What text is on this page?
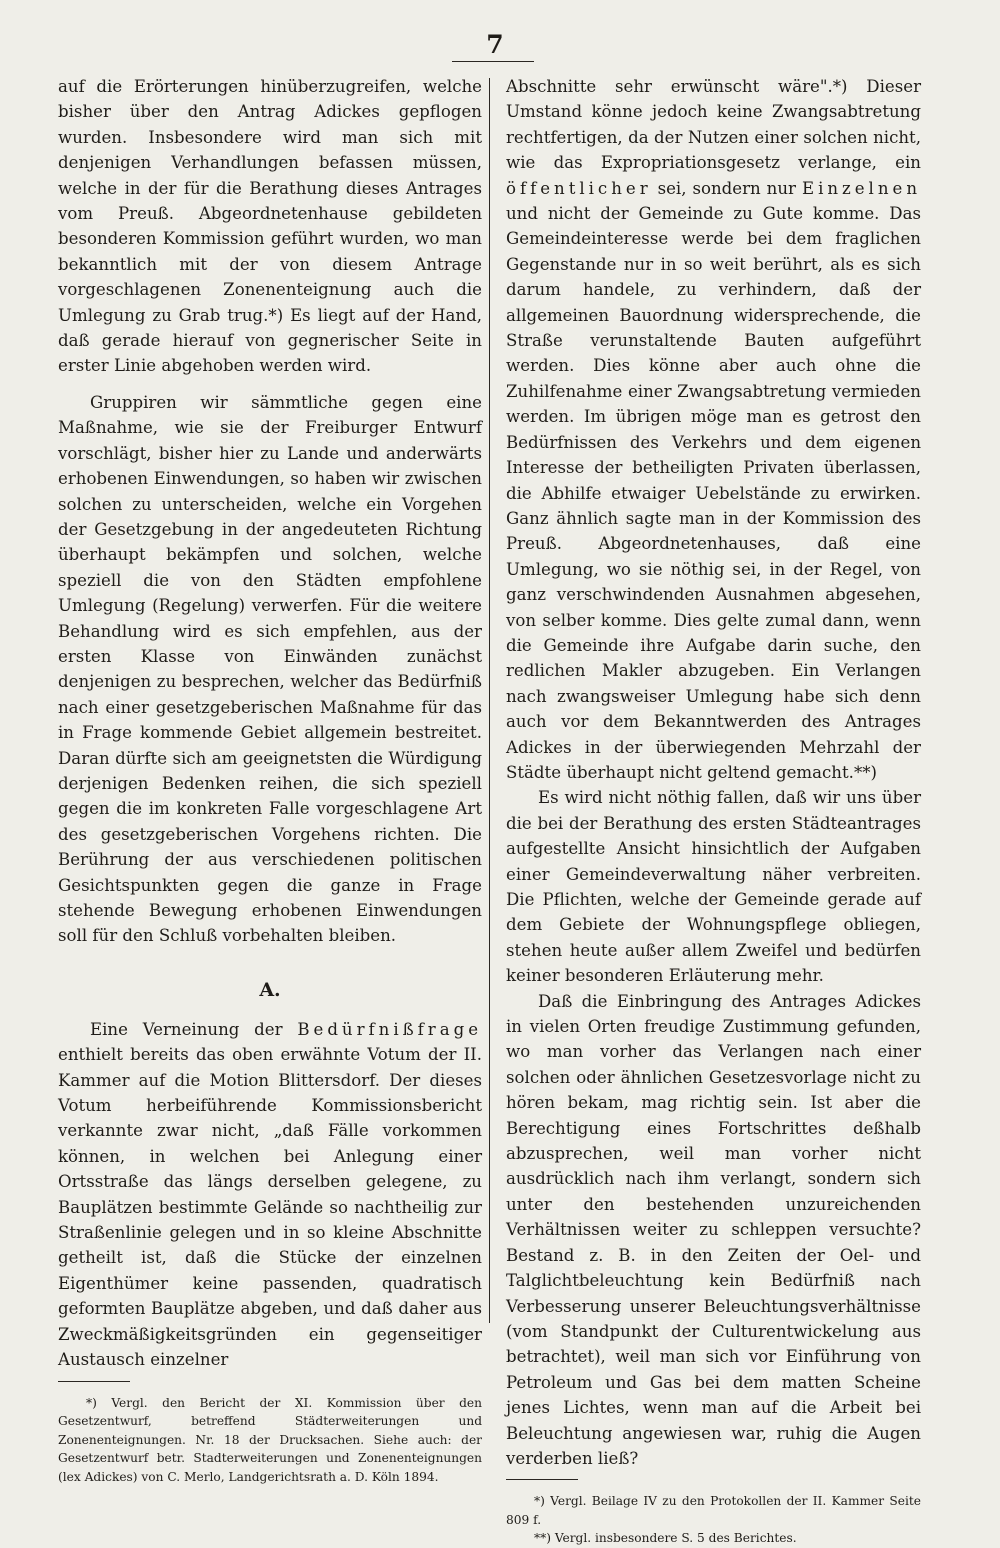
7

auf die Erörterungen hinüberzugreifen, welche bisher über den Antrag Adickes gepflogen wurden. Insbesondere wird man sich mit denjenigen Verhandlungen befassen müssen, welche in der für die Berathung dieses Antrages vom Preuß. Abgeordnetenhause gebildeten besonderen Kommission geführt wurden, wo man bekanntlich mit der von diesem Antrage vorgeschlagenen Zonenenteignung auch die Umlegung zu Grab trug.*) Es liegt auf der Hand, daß gerade hierauf von gegnerischer Seite in erster Linie abgehoben werden wird.

Gruppiren wir sämmtliche gegen eine Maßnahme, wie sie der Freiburger Entwurf vorschlägt, bisher hier zu Lande und anderwärts erhobenen Einwendungen, so haben wir zwischen solchen zu unterscheiden, welche ein Vorgehen der Gesetzgebung in der angedeuteten Richtung überhaupt bekämpfen und solchen, welche speziell die von den Städten empfohlene Umlegung (Regelung) verwerfen. Für die weitere Behandlung wird es sich empfehlen, aus der ersten Klasse von Einwänden zunächst denjenigen zu besprechen, welcher das Bedürfniß nach einer gesetzgeberischen Maßnahme für das in Frage kommende Gebiet allgemein bestreitet. Daran dürfte sich am geeignetsten die Würdigung derjenigen Bedenken reihen, die sich speziell gegen die im konkreten Falle vorgeschlagene Art des gesetzgeberischen Vorgehens richten. Die Berührung der aus verschiedenen politischen Gesichtspunkten gegen die ganze in Frage stehende Bewegung erhobenen Einwendungen soll für den Schluß vorbehalten bleiben.

A.

Eine Verneinung der Bedürfnißfrage enthielt bereits das oben erwähnte Votum der II. Kammer auf die Motion Blittersdorf. Der dieses Votum herbeiführende Kommissionsbericht verkannte zwar nicht, „daß Fälle vorkommen können, in welchen bei Anlegung einer Ortsstraße das längs derselben gelegene, zu Bauplätzen bestimmte Gelände so nachtheilig zur Straßenlinie gelegen und in so kleine Abschnitte getheilt ist, daß die Stücke der einzelnen Eigenthümer keine passenden, quadratisch geformten Bauplätze abgeben, und daß daher aus Zweckmäßigkeitsgründen ein gegenseitiger Austausch einzelner

*) Vergl. den Bericht der XI. Kommission über den Gesetzentwurf, betreffend Städterweiterungen und Zonenenteignungen. Nr. 18 der Drucksachen. Siehe auch: der Gesetzentwurf betr. Stadterweiterungen und Zonenenteignungen (lex Adickes) von C. Merlo, Landgerichtsrath a. D. Köln 1894.

Abschnitte sehr erwünscht wäre".*) Dieser Umstand könne jedoch keine Zwangsabtretung rechtfertigen, da der Nutzen einer solchen nicht, wie das Expropriationsgesetz verlange, ein öffentlicher sei, sondern nur Einzelnen und nicht der Gemeinde zu Gute komme. Das Gemeindeinteresse werde bei dem fraglichen Gegenstande nur in so weit berührt, als es sich darum handele, zu verhindern, daß der allgemeinen Bauordnung widersprechende, die Straße verunstaltende Bauten aufgeführt werden. Dies könne aber auch ohne die Zuhilfenahme einer Zwangsabtretung vermieden werden. Im übrigen möge man es getrost den Bedürfnissen des Verkehrs und dem eigenen Interesse der betheiligten Privaten überlassen, die Abhilfe etwaiger Uebelstände zu erwirken. Ganz ähnlich sagte man in der Kommission des Preuß. Abgeordnetenhauses, daß eine Umlegung, wo sie nöthig sei, in der Regel, von ganz verschwindenden Ausnahmen abgesehen, von selber komme. Dies gelte zumal dann, wenn die Gemeinde ihre Aufgabe darin suche, den redlichen Makler abzugeben. Ein Verlangen nach zwangsweiser Umlegung habe sich denn auch vor dem Bekanntwerden des Antrages Adickes in der überwiegenden Mehrzahl der Städte überhaupt nicht geltend gemacht.**)

Es wird nicht nöthig fallen, daß wir uns über die bei der Berathung des ersten Städteantrages aufgestellte Ansicht hinsichtlich der Aufgaben einer Gemeindeverwaltung näher verbreiten. Die Pflichten, welche der Gemeinde gerade auf dem Gebiete der Wohnungspflege obliegen, stehen heute außer allem Zweifel und bedürfen keiner besonderen Erläuterung mehr.

Daß die Einbringung des Antrages Adickes in vielen Orten freudige Zustimmung gefunden, wo man vorher das Verlangen nach einer solchen oder ähnlichen Gesetzesvorlage nicht zu hören bekam, mag richtig sein. Ist aber die Berechtigung eines Fortschrittes deßhalb abzusprechen, weil man vorher nicht ausdrücklich nach ihm verlangt, sondern sich unter den bestehenden unzureichenden Verhältnissen weiter zu schleppen versuchte? Bestand z. B. in den Zeiten der Oel- und Talglichtbeleuchtung kein Bedürfniß nach Verbesserung unserer Beleuchtungsverhältnisse (vom Standpunkt der Culturentwickelung aus betrachtet), weil man sich vor Einführung von Petroleum und Gas bei dem matten Scheine jenes Lichtes, wenn man auf die Arbeit bei Beleuchtung angewiesen war, ruhig die Augen verderben ließ?

*) Vergl. Beilage IV zu den Protokollen der II. Kammer Seite 809 f.

**) Vergl. insbesondere S. 5 des Berichtes.
